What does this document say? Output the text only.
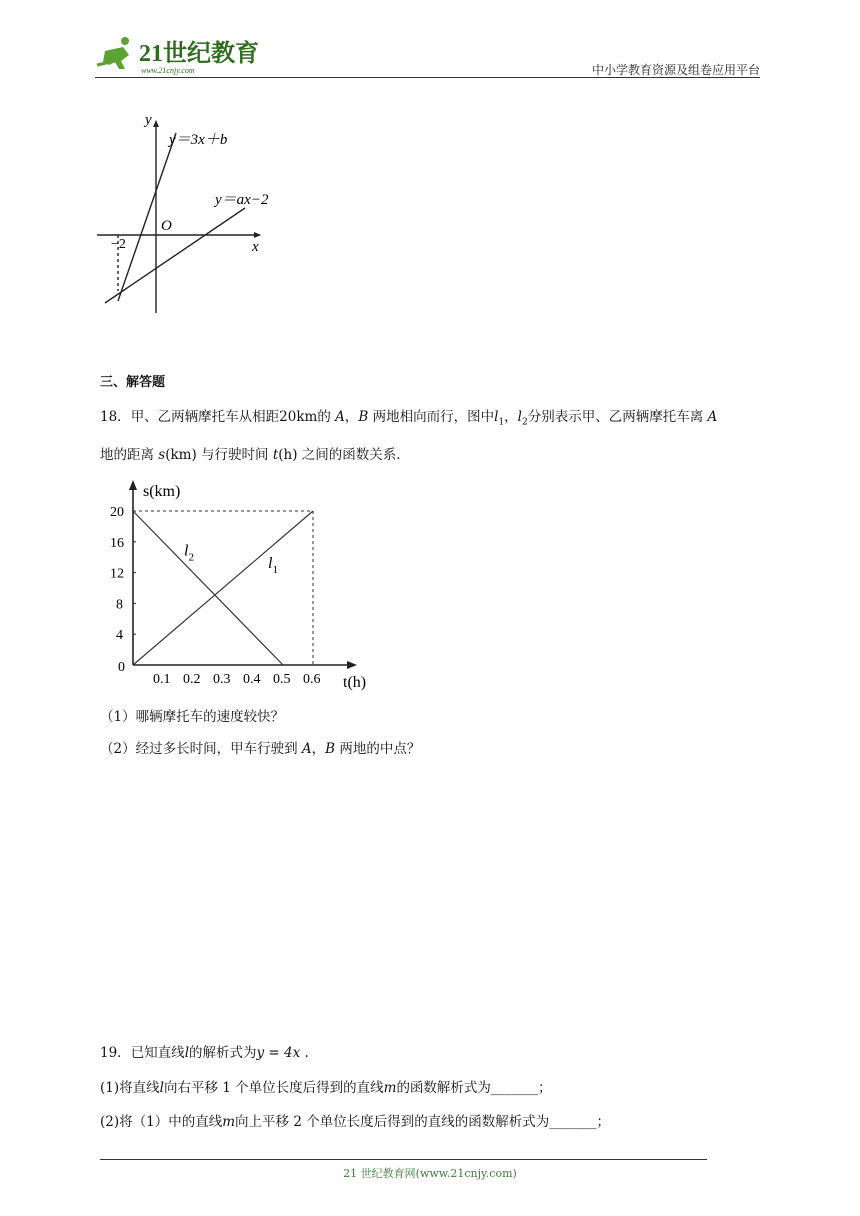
21世纪教育
www.21cnjy.com	中小学教育资源及组卷应用平台
y
x
O
−2
y＝3x＋b
y＝ax−2
三、解答题
18．甲、乙两辆摩托车从相距20km的 A，B 两地相向而行，图中$l_1$，$l_2$分别表示甲、乙两辆摩托车离 A
地的距离 s(km) 与行驶时间 t(h) 之间的函数关系.
s(km)
t(h)
0
0.1 0.2 0.3 0.4 0.5 0.6
4
8
12
16
20
$l_2$	$l_1$
（1）哪辆摩托车的速度较快？
（2）经过多长时间，甲车行驶到 A，B 两地的中点？
19．已知直线l的解析式为y = 4x .
(1)将直线l向右平移 1 个单位长度后得到的直线m的函数解析式为_______；
(2)将（1）中的直线m向上平移 2 个单位长度后得到的直线的函数解析式为_______；
21 世纪教育网(www.21cnjy.com)
